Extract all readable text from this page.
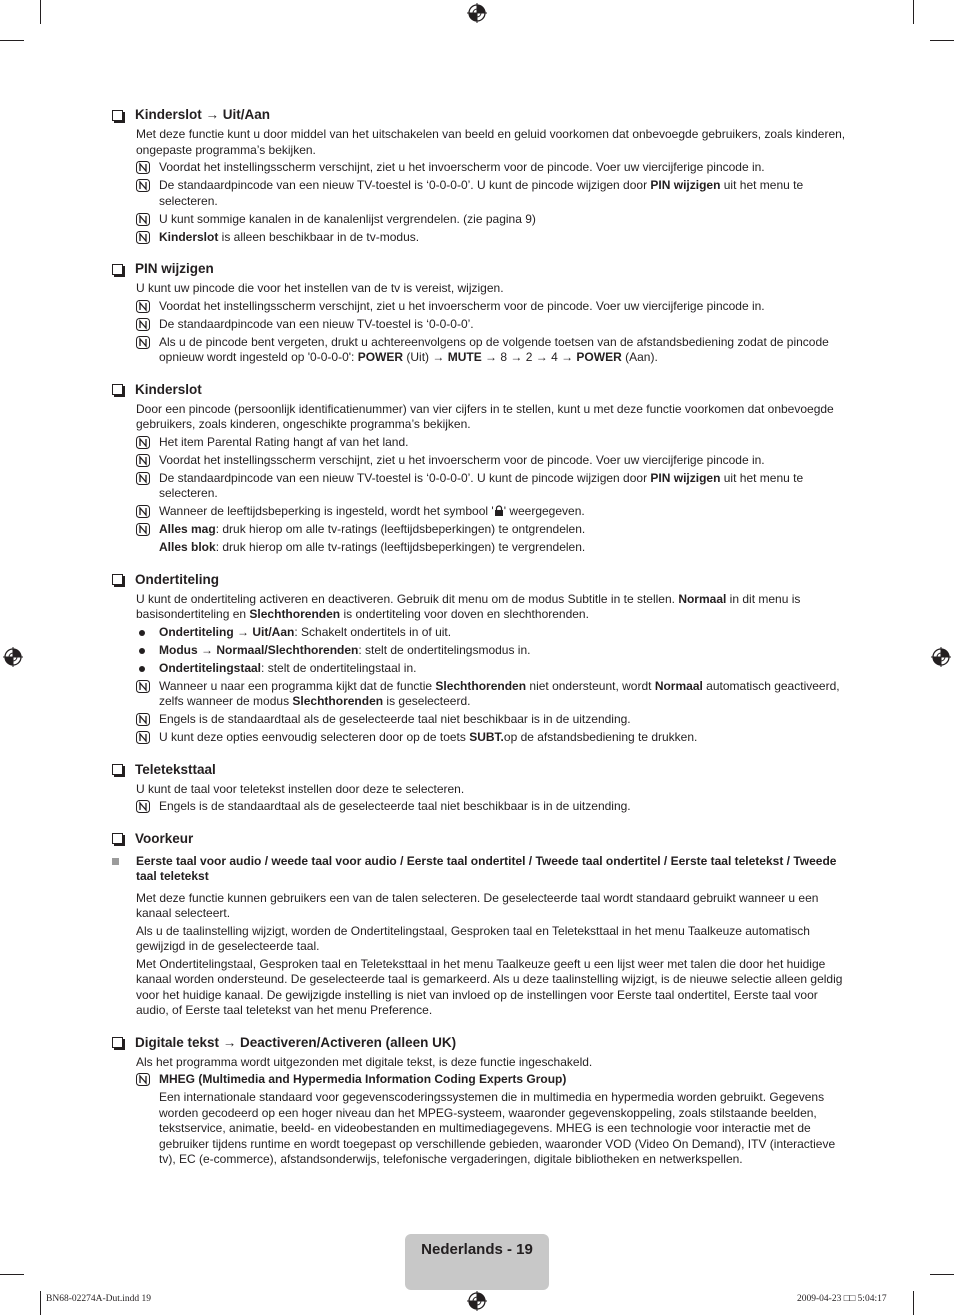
Kinderslot → Uit/Aan
Met deze functie kunt u door middel van het uitschakelen van beeld en geluid voorkomen dat onbevoegde gebruikers, zoals kinderen, ongepaste programma’s bekijken.
Voordat het instellingsscherm verschijnt, ziet u het invoerscherm voor de pincode. Voer uw viercijferige pincode in.
De standaardpincode van een nieuw TV-toestel is ‘0-0-0-0’. U kunt de pincode wijzigen door PIN wijzigen uit het menu te selecteren.
U kunt sommige kanalen in de kanalenlijst vergrendelen. (zie pagina 9)
Kinderslot is alleen beschikbaar in de tv-modus.
PIN wijzigen
U kunt uw pincode die voor het instellen van de tv is vereist, wijzigen.
Voordat het instellingsscherm verschijnt, ziet u het invoerscherm voor de pincode. Voer uw viercijferige pincode in.
De standaardpincode van een nieuw TV-toestel is ‘0-0-0-0’.
Als u de pincode bent vergeten, drukt u achtereenvolgens op de volgende toetsen van de afstandsbediening zodat de pincode opnieuw wordt ingesteld op '0-0-0-0': POWER (Uit) → MUTE → 8 → 2 → 4 → POWER (Aan).
Kinderslot
Door een pincode (persoonlijk identificatienummer) van vier cijfers in te stellen, kunt u met deze functie voorkomen dat onbevoegde gebruikers, zoals kinderen, ongeschikte programma’s bekijken.
Het item Parental Rating hangt af van het land.
Voordat het instellingsscherm verschijnt, ziet u het invoerscherm voor de pincode. Voer uw viercijferige pincode in.
De standaardpincode van een nieuw TV-toestel is ‘0-0-0-0’. U kunt de pincode wijzigen door PIN wijzigen uit het menu te selecteren.
Wanneer de leeftijdsbeperking is ingesteld, wordt het symbool ' ' weergegeven.
Alles mag: druk hierop om alle tv-ratings (leeftijdsbeperkingen) te ontgrendelen.
Alles blok: druk hierop om alle tv-ratings (leeftijdsbeperkingen) te vergrendelen.
Ondertiteling
U kunt de ondertiteling activeren en deactiveren. Gebruik dit menu om de modus Subtitle in te stellen. Normaal in dit menu is basisondertiteling en Slechthorenden is ondertiteling voor doven en slechthorenden.
Ondertiteling → Uit/Aan: Schakelt ondertitels in of uit.
Modus → Normaal/Slechthorenden: stelt de ondertitelingsmodus in.
Ondertitelingstaal: stelt de ondertitelingstaal in.
Wanneer u naar een programma kijkt dat de functie Slechthorenden niet ondersteunt, wordt Normaal automatisch geactiveerd, zelfs wanneer de modus Slechthorenden is geselecteerd.
Engels is de standaardtaal als de geselecteerde taal niet beschikbaar is in de uitzending.
U kunt deze opties eenvoudig selecteren door op de toets SUBT.op de afstandsbediening te drukken.
Teleteksttaal
U kunt de taal voor teletekst instellen door deze te selecteren.
Engels is de standaardtaal als de geselecteerde taal niet beschikbaar is in de uitzending.
Voorkeur
Eerste taal voor audio / weede taal voor audio / Eerste taal ondertitel / Tweede taal ondertitel / Eerste taal teletekst / Tweede taal teletekst
Met deze functie kunnen gebruikers een van de talen selecteren. De geselecteerde taal wordt standaard gebruikt wanneer u een kanaal selecteert.
Als u de taalinstelling wijzigt, worden de Ondertitelingstaal, Gesproken taal en Teleteksttaal in het menu Taalkeuze automatisch gewijzigd in de geselecteerde taal.
Met Ondertitelingstaal, Gesproken taal en Teleteksttaal in het menu Taalkeuze geeft u een lijst weer met talen die door het huidige kanaal worden ondersteund. De geselecteerde taal is gemarkeerd. Als u deze taalinstelling wijzigt, is de nieuwe selectie alleen geldig voor het huidige kanaal. De gewijzigde instelling is niet van invloed op de instellingen voor Eerste taal ondertitel, Eerste taal voor audio, of Eerste taal teletekst van het menu Preference.
Digitale tekst → Deactiveren/Activeren (alleen UK)
Als het programma wordt uitgezonden met digitale tekst, is deze functie ingeschakeld.
MHEG (Multimedia and Hypermedia Information Coding Experts Group)
Een internationale standaard voor gegevenscoderingssystemen die in multimedia en hypermedia worden gebruikt. Gegevens worden gecodeerd op een hoger niveau dan het MPEG-systeem, waaronder gegevenskoppeling, zoals stilstaande beelden, tekstservice, animatie, beeld- en videobestanden en multimediagegevens. MHEG is een technologie voor interactie met de gebruiker tijdens runtime en wordt toegepast op verschillende gebieden, waaronder VOD (Video On Demand), ITV (interactieve tv), EC (e-commerce), afstandsonderwijs, telefonische vergaderingen, digitale bibliotheken en netwerkspellen.
Nederlands - 19
BN68-02274A-Dut.indd 19	2009-04-23 □□ 5:04:17
